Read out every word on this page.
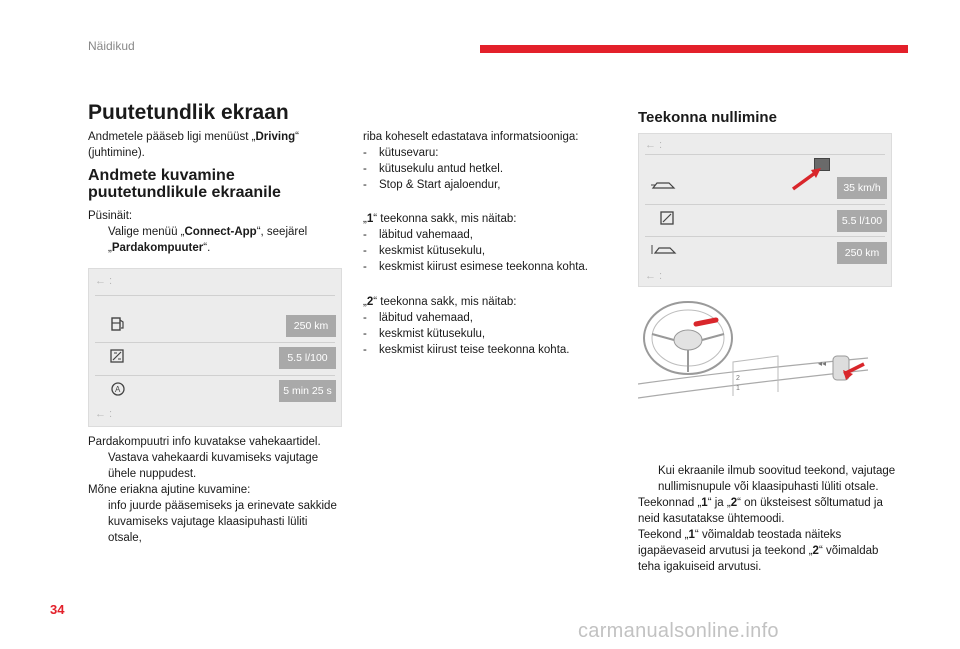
Näidikud
Puutetundlik ekraan
Andmetele pääseb ligi menüüst „Driving“ (juhtimine).
Andmete kuvamine puutetundlikule ekraanile

Püsinäit:

Valige menüü „Connect-App“, seejärel „Pardakompuuter“.

← :
250 km
5.5 l/100
A	5 min 25 s
← :

Pardakompuutri info kuvatakse vahekaartidel.

Vastava vahekaardi kuvamiseks vajutage ühele nuppudest.

Mõne eriakna ajutine kuvamine:

info juurde pääsemiseks ja erinevate sakkide kuvamiseks vajutage klaasipuhasti lüliti otsale,

riba koheselt edastatava informatsiooniga:

- kütusevaru:

- kütusekulu antud hetkel.

- Stop & Start ajaloendur,

„1“ teekonna sakk, mis näitab:

- läbitud vahemaad,

- keskmist kütusekulu,

- keskmist kiirust esimese teekonna kohta.

„2“ teekonna sakk, mis näitab:

- läbitud vahemaad,

- keskmist kütusekulu,

- keskmist kiirust teise teekonna kohta.

Teekonna nullimine
← :
35 km/h
5.5 l/100
250 km
← :
2
1
◂◂

Kui ekraanile ilmub soovitud teekond, vajutage nullimisnupule või klaasipuhasti lüliti otsale.

Teekonnad „1“ ja „2“ on üksteisest sõltumatud ja neid kasutatakse ühtemoodi.

Teekond „1“ võimaldab teostada näiteks igapäevaseid arvutusi ja teekond „2“ võimaldab teha igakuiseid arvutusi.

34
carmanualsonline.info
